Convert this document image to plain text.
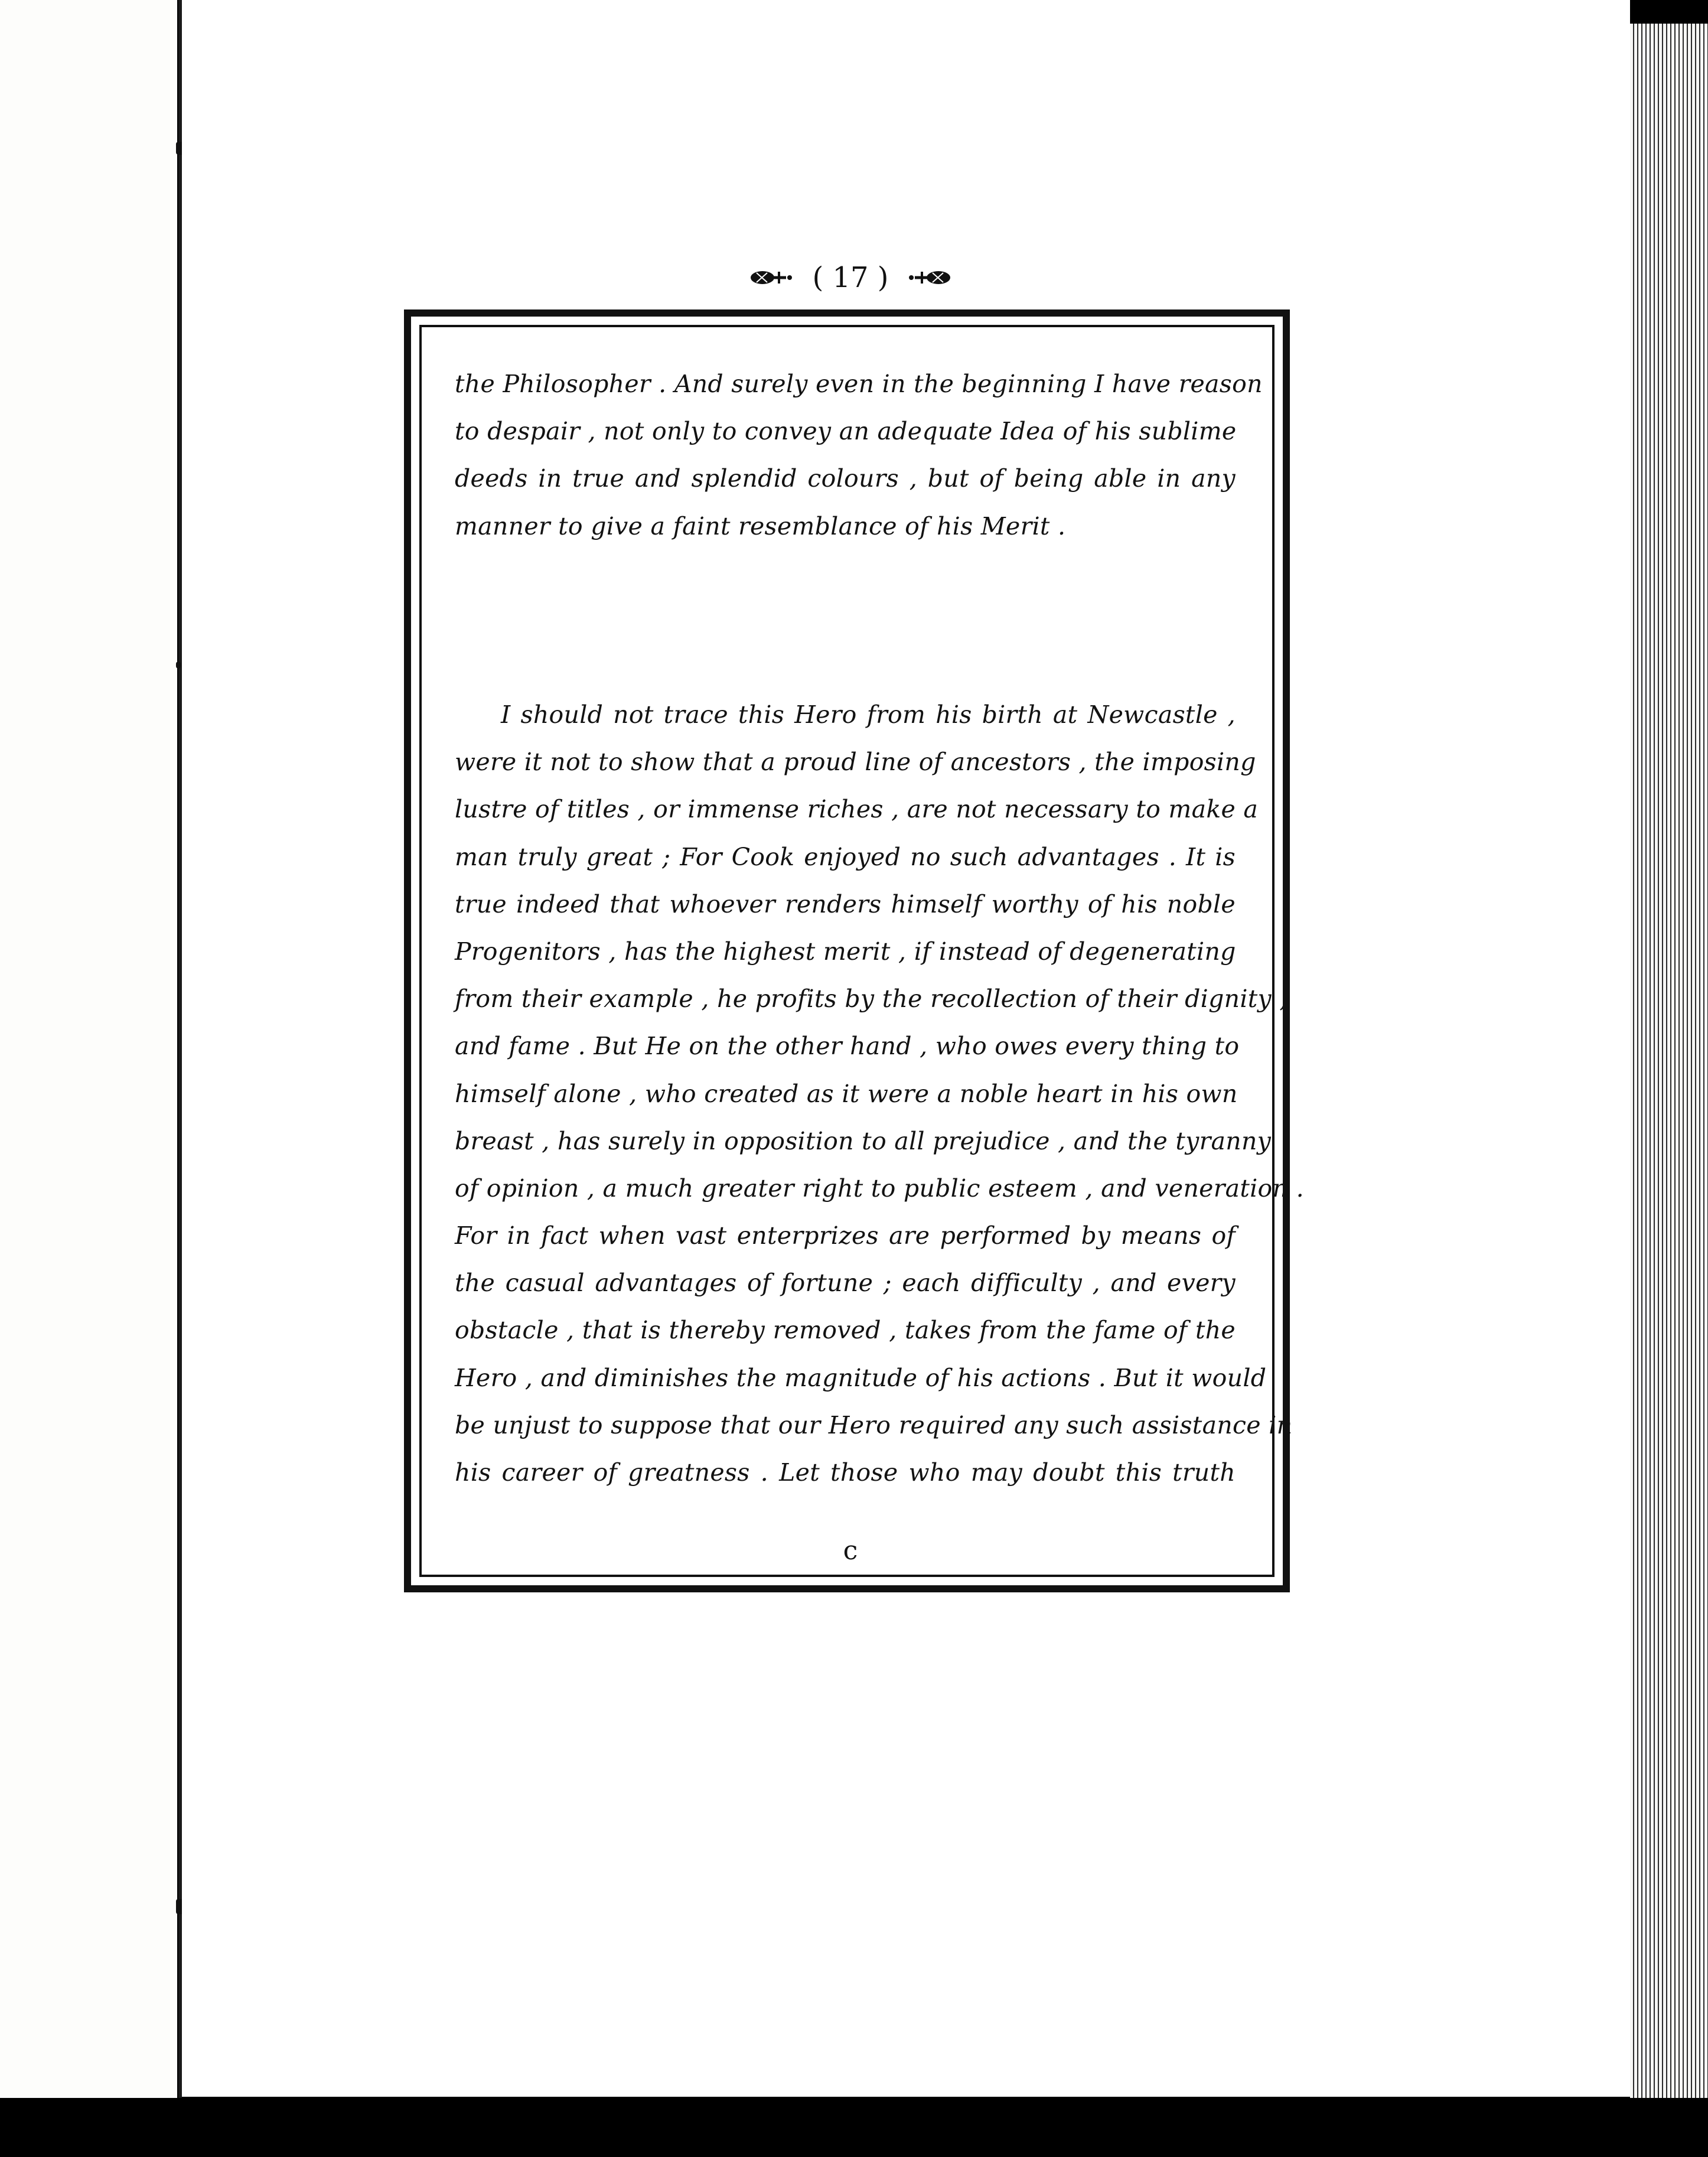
( 17 )
the Philosopher . And surely even in the beginning I have reason
to despair , not only to convey an adequate Idea of his sublime
deeds in true and splendid colours , but of being able in any
manner to give a faint resemblance of his Merit .
I should not trace this Hero from his birth at Newcastle ,
were it not to show that a proud line of ancestors , the imposing
lustre of titles , or immense riches , are not necessary to make a
man truly great ; For Cook enjoyed no such advantages . It is
true indeed that whoever renders himself worthy of his noble
Progenitors , has the highest merit , if instead of degenerating
from their example , he profits by the recollection of their dignity ,
and fame . But He on the other hand , who owes every thing to
himself alone , who created as it were a noble heart in his own
breast , has surely in opposition to all prejudice , and the tyranny
of opinion , a much greater right to public esteem , and veneration .
For in fact when vast enterprizes are performed by means of
the casual advantages of fortune ; each difficulty , and every
obstacle , that is thereby removed , takes from the fame of the
Hero , and diminishes the magnitude of his actions . But it would
be unjust to suppose that our Hero required any such assistance in
his career of greatness . Let those who may doubt this truth
c
